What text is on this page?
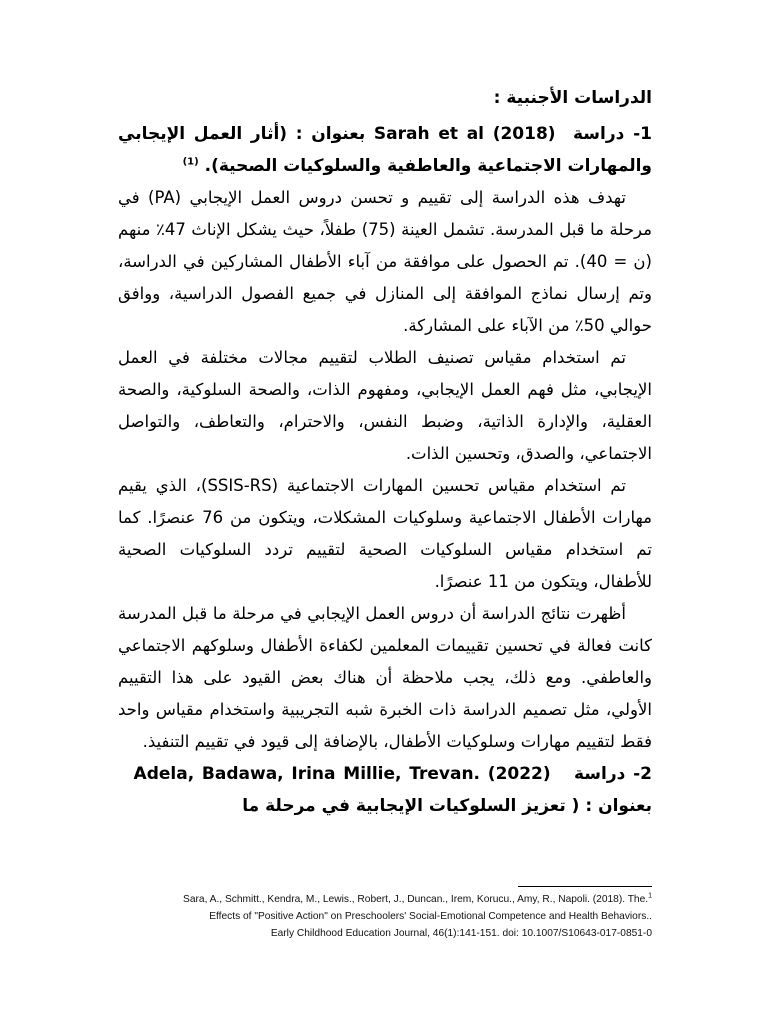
الدراسات الأجنبية :

1- دراسة  Sarah et al (2018) بعنوان : (أثار العمل الإيجابي والمهارات الاجتماعية والعاطفية والسلوكيات الصحية). $^{(1)}$

تهدف هذه الدراسة إلى تقييم و تحسن دروس العمل الإيجابي (PA) في مرحلة ما قبل المدرسة. تشمل العينة (75) طفلاً، حيث يشكل الإناث 47٪ منهم (ن = 40). تم الحصول على موافقة من آباء الأطفال المشاركين في الدراسة، وتم إرسال نماذج الموافقة إلى المنازل في جميع الفصول الدراسية، ووافق حوالي 50٪ من الآباء على المشاركة.

تم استخدام مقياس تصنيف الطلاب لتقييم مجالات مختلفة في العمل الإيجابي، مثل فهم العمل الإيجابي، ومفهوم الذات، والصحة السلوكية، والصحة العقلية، والإدارة الذاتية، وضبط النفس، والاحترام، والتعاطف، والتواصل الاجتماعي، والصدق، وتحسين الذات.

تم استخدام مقياس تحسين المهارات الاجتماعية (SSIS-RS)، الذي يقيم مهارات الأطفال الاجتماعية وسلوكيات المشكلات، ويتكون من 76 عنصرًا. كما تم استخدام مقياس السلوكيات الصحية لتقييم تردد السلوكيات الصحية للأطفال، ويتكون من 11 عنصرًا.

أظهرت نتائج الدراسة أن دروس العمل الإيجابي في مرحلة ما قبل المدرسة كانت فعالة في تحسين تقييمات المعلمين لكفاءة الأطفال وسلوكهم الاجتماعي والعاطفي. ومع ذلك، يجب ملاحظة أن هناك بعض القيود على هذا التقييم الأولي، مثل تصميم الدراسة ذات الخبرة شبه التجريبية واستخدام مقياس واحد فقط لتقييم مهارات وسلوكيات الأطفال، بالإضافة إلى قيود في تقييم التنفيذ.

2- دراسة   Adela, Badawa, Irina Millie, Trevan. (2022)   بعنوان : ( تعزيز السلوكيات الإيجابية في مرحلة ما

Sara, A., Schmitt., Kendra, M., Lewis., Robert, J., Duncan., Irem, Korucu., Amy, R., Napoli. (2018). The.$^1$

Effects of "Positive Action" on Preschoolers' Social-Emotional Competence and Health Behaviors..

Early Childhood Education Journal, 46(1):141-151. doi: 10.1007/S10643-017-0851-0
